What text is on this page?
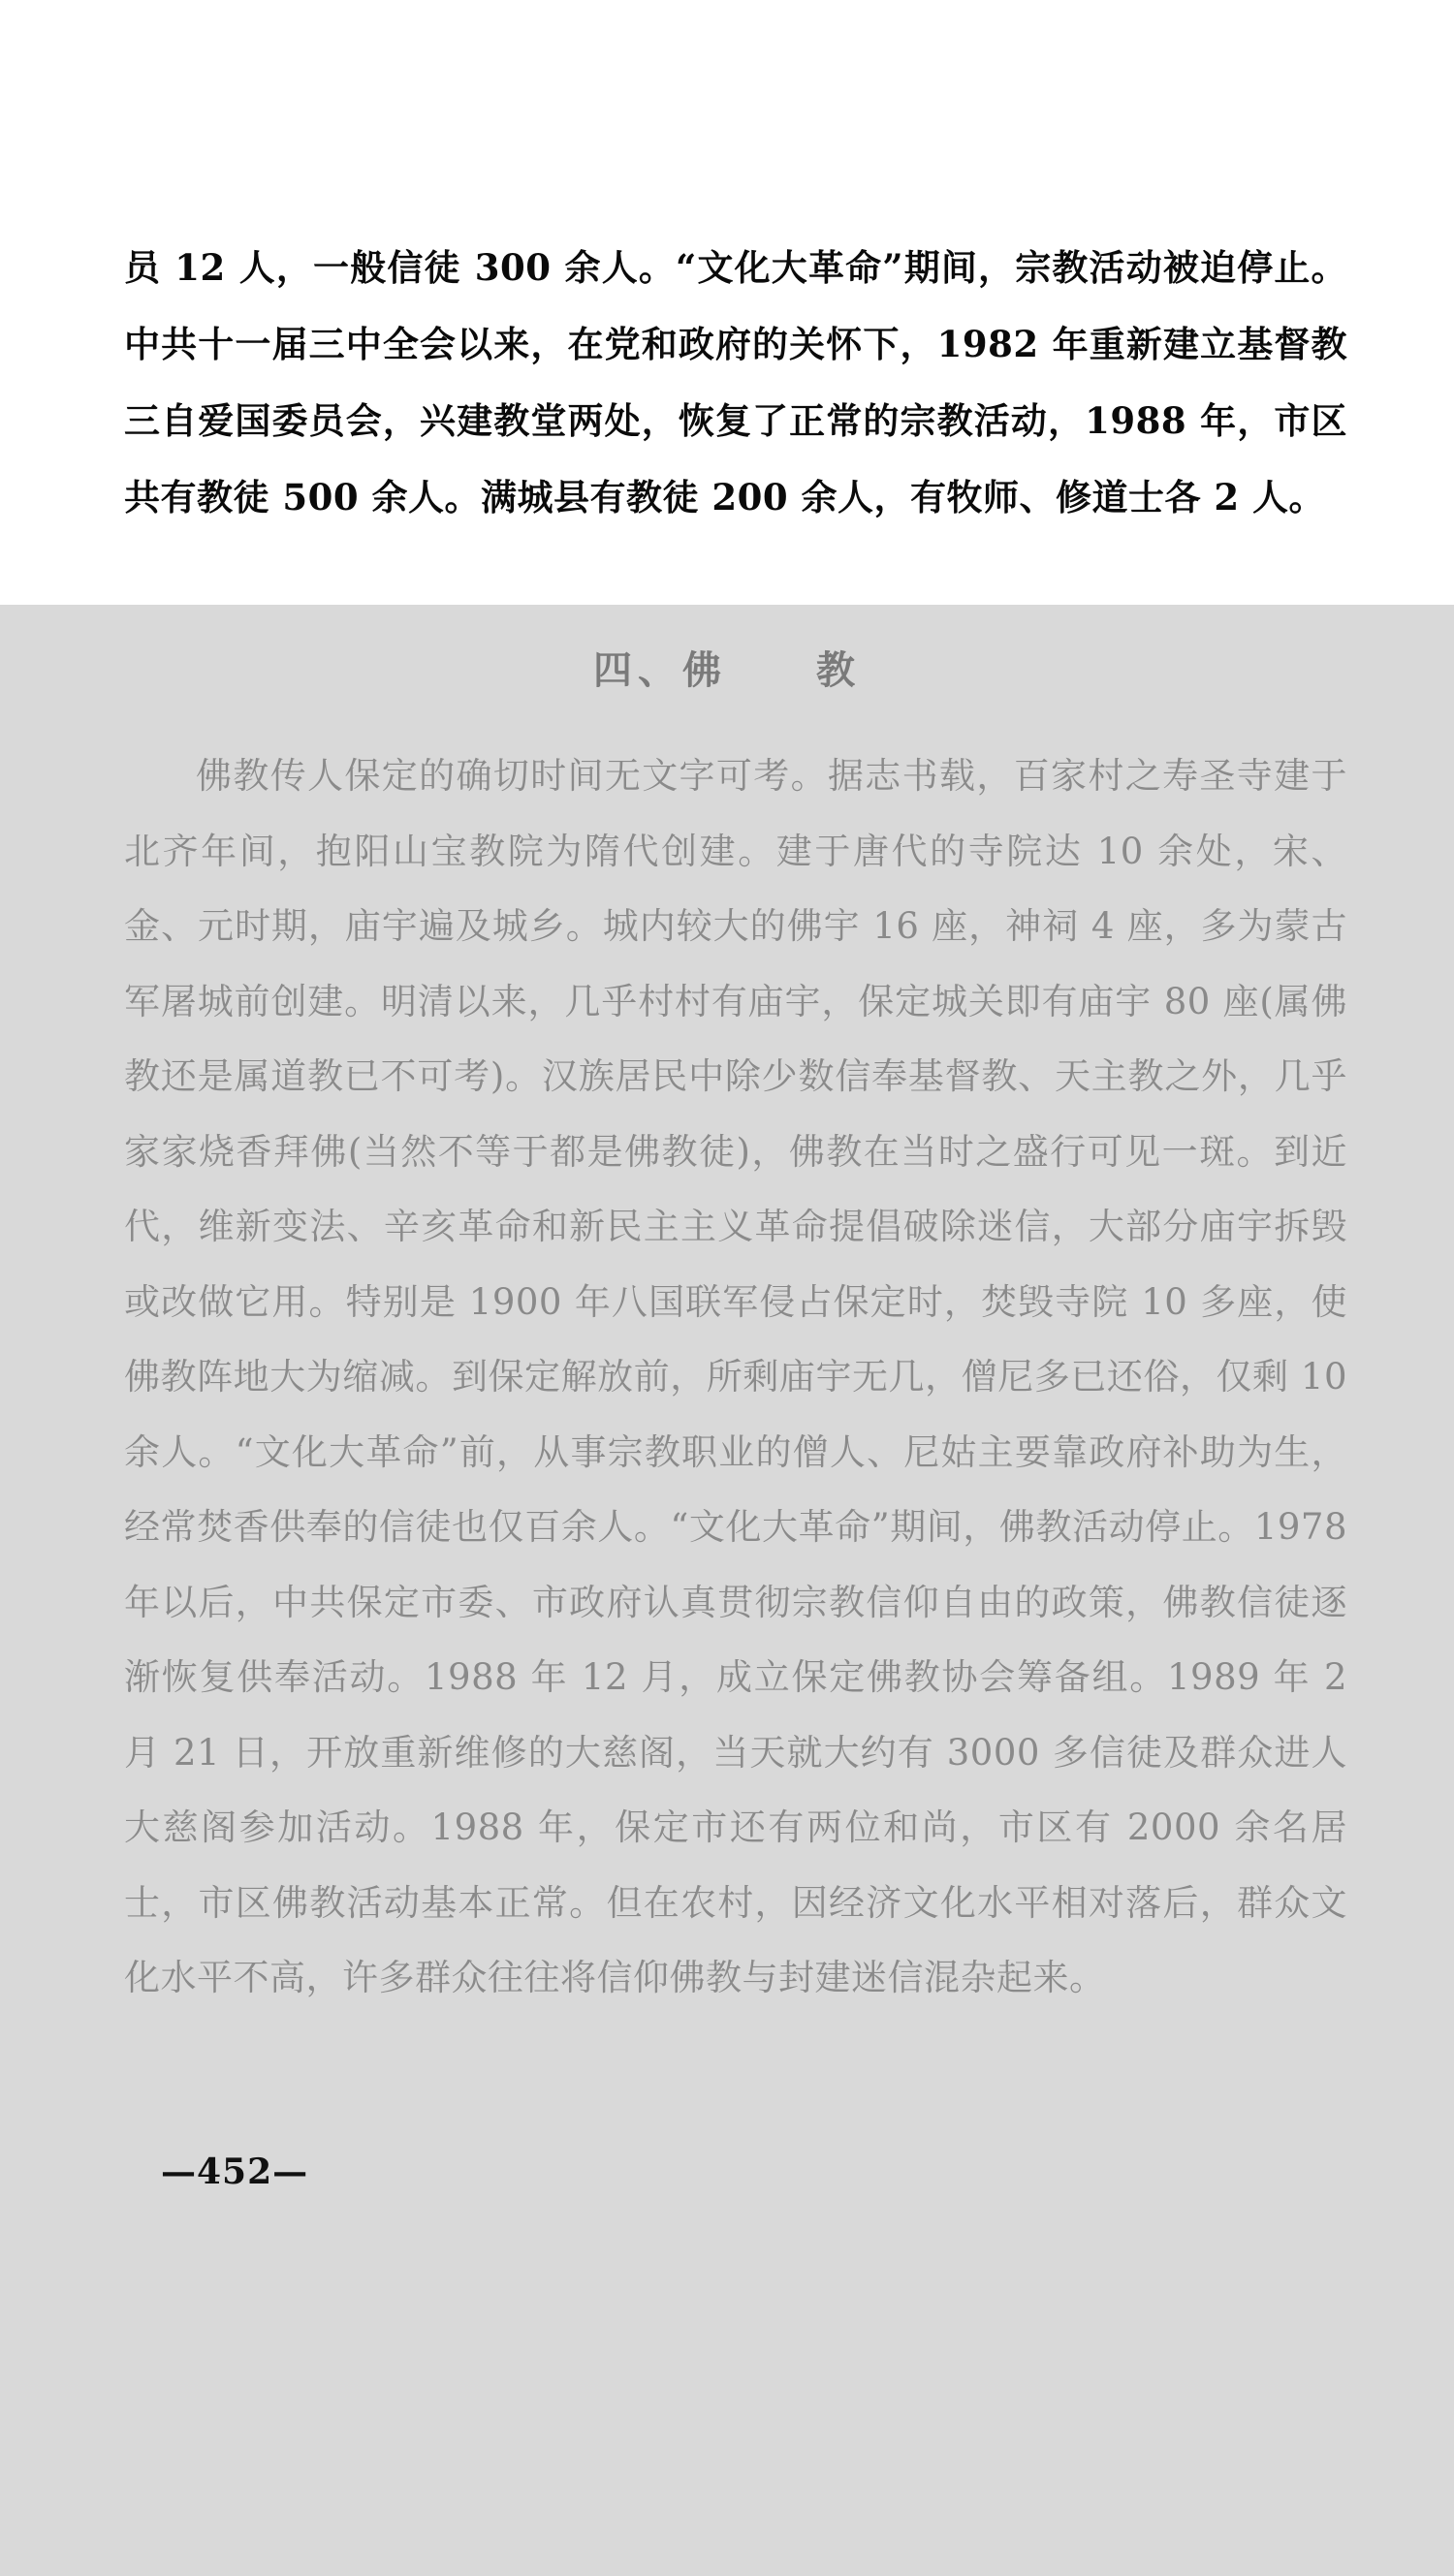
员 12 人，一般信徒 300 余人。“文化大革命”期间，宗教活动被迫停止。中共十一届三中全会以来，在党和政府的关怀下，1982 年重新建立基督教三自爱国委员会，兴建教堂两处，恢复了正常的宗教活动，1988 年，市区共有教徒 500 余人。满城县有教徒 200 余人，有牧师、修道士各 2 人。

四、佛　　教

佛教传人保定的确切时间无文字可考。据志书载，百家村之寿圣寺建于北齐年间，抱阳山宝教院为隋代创建。建于唐代的寺院达 10 余处，宋、金、元时期，庙宇遍及城乡。城内较大的佛宇 16 座，神祠 4 座，多为蒙古军屠城前创建。明清以来，几乎村村有庙宇，保定城关即有庙宇 80 座(属佛教还是属道教已不可考)。汉族居民中除少数信奉基督教、天主教之外，几乎家家烧香拜佛(当然不等于都是佛教徒)，佛教在当时之盛行可见一斑。到近代，维新变法、辛亥革命和新民主主义革命提倡破除迷信，大部分庙宇拆毁或改做它用。特别是 1900 年八国联军侵占保定时，焚毁寺院 10 多座，使佛教阵地大为缩减。到保定解放前，所剩庙宇无几，僧尼多已还俗，仅剩 10 余人。“文化大革命”前，从事宗教职业的僧人、尼姑主要靠政府补助为生，经常焚香供奉的信徒也仅百余人。“文化大革命”期间，佛教活动停止。1978 年以后，中共保定市委、市政府认真贯彻宗教信仰自由的政策，佛教信徒逐渐恢复供奉活动。1988 年 12 月，成立保定佛教协会筹备组。1989 年 2 月 21 日，开放重新维修的大慈阁，当天就大约有 3000 多信徒及群众进人大慈阁参加活动。1988 年，保定市还有两位和尚，市区有 2000 余名居士，市区佛教活动基本正常。但在农村，因经济文化水平相对落后，群众文化水平不高，许多群众往往将信仰佛教与封建迷信混杂起来。

—452—
